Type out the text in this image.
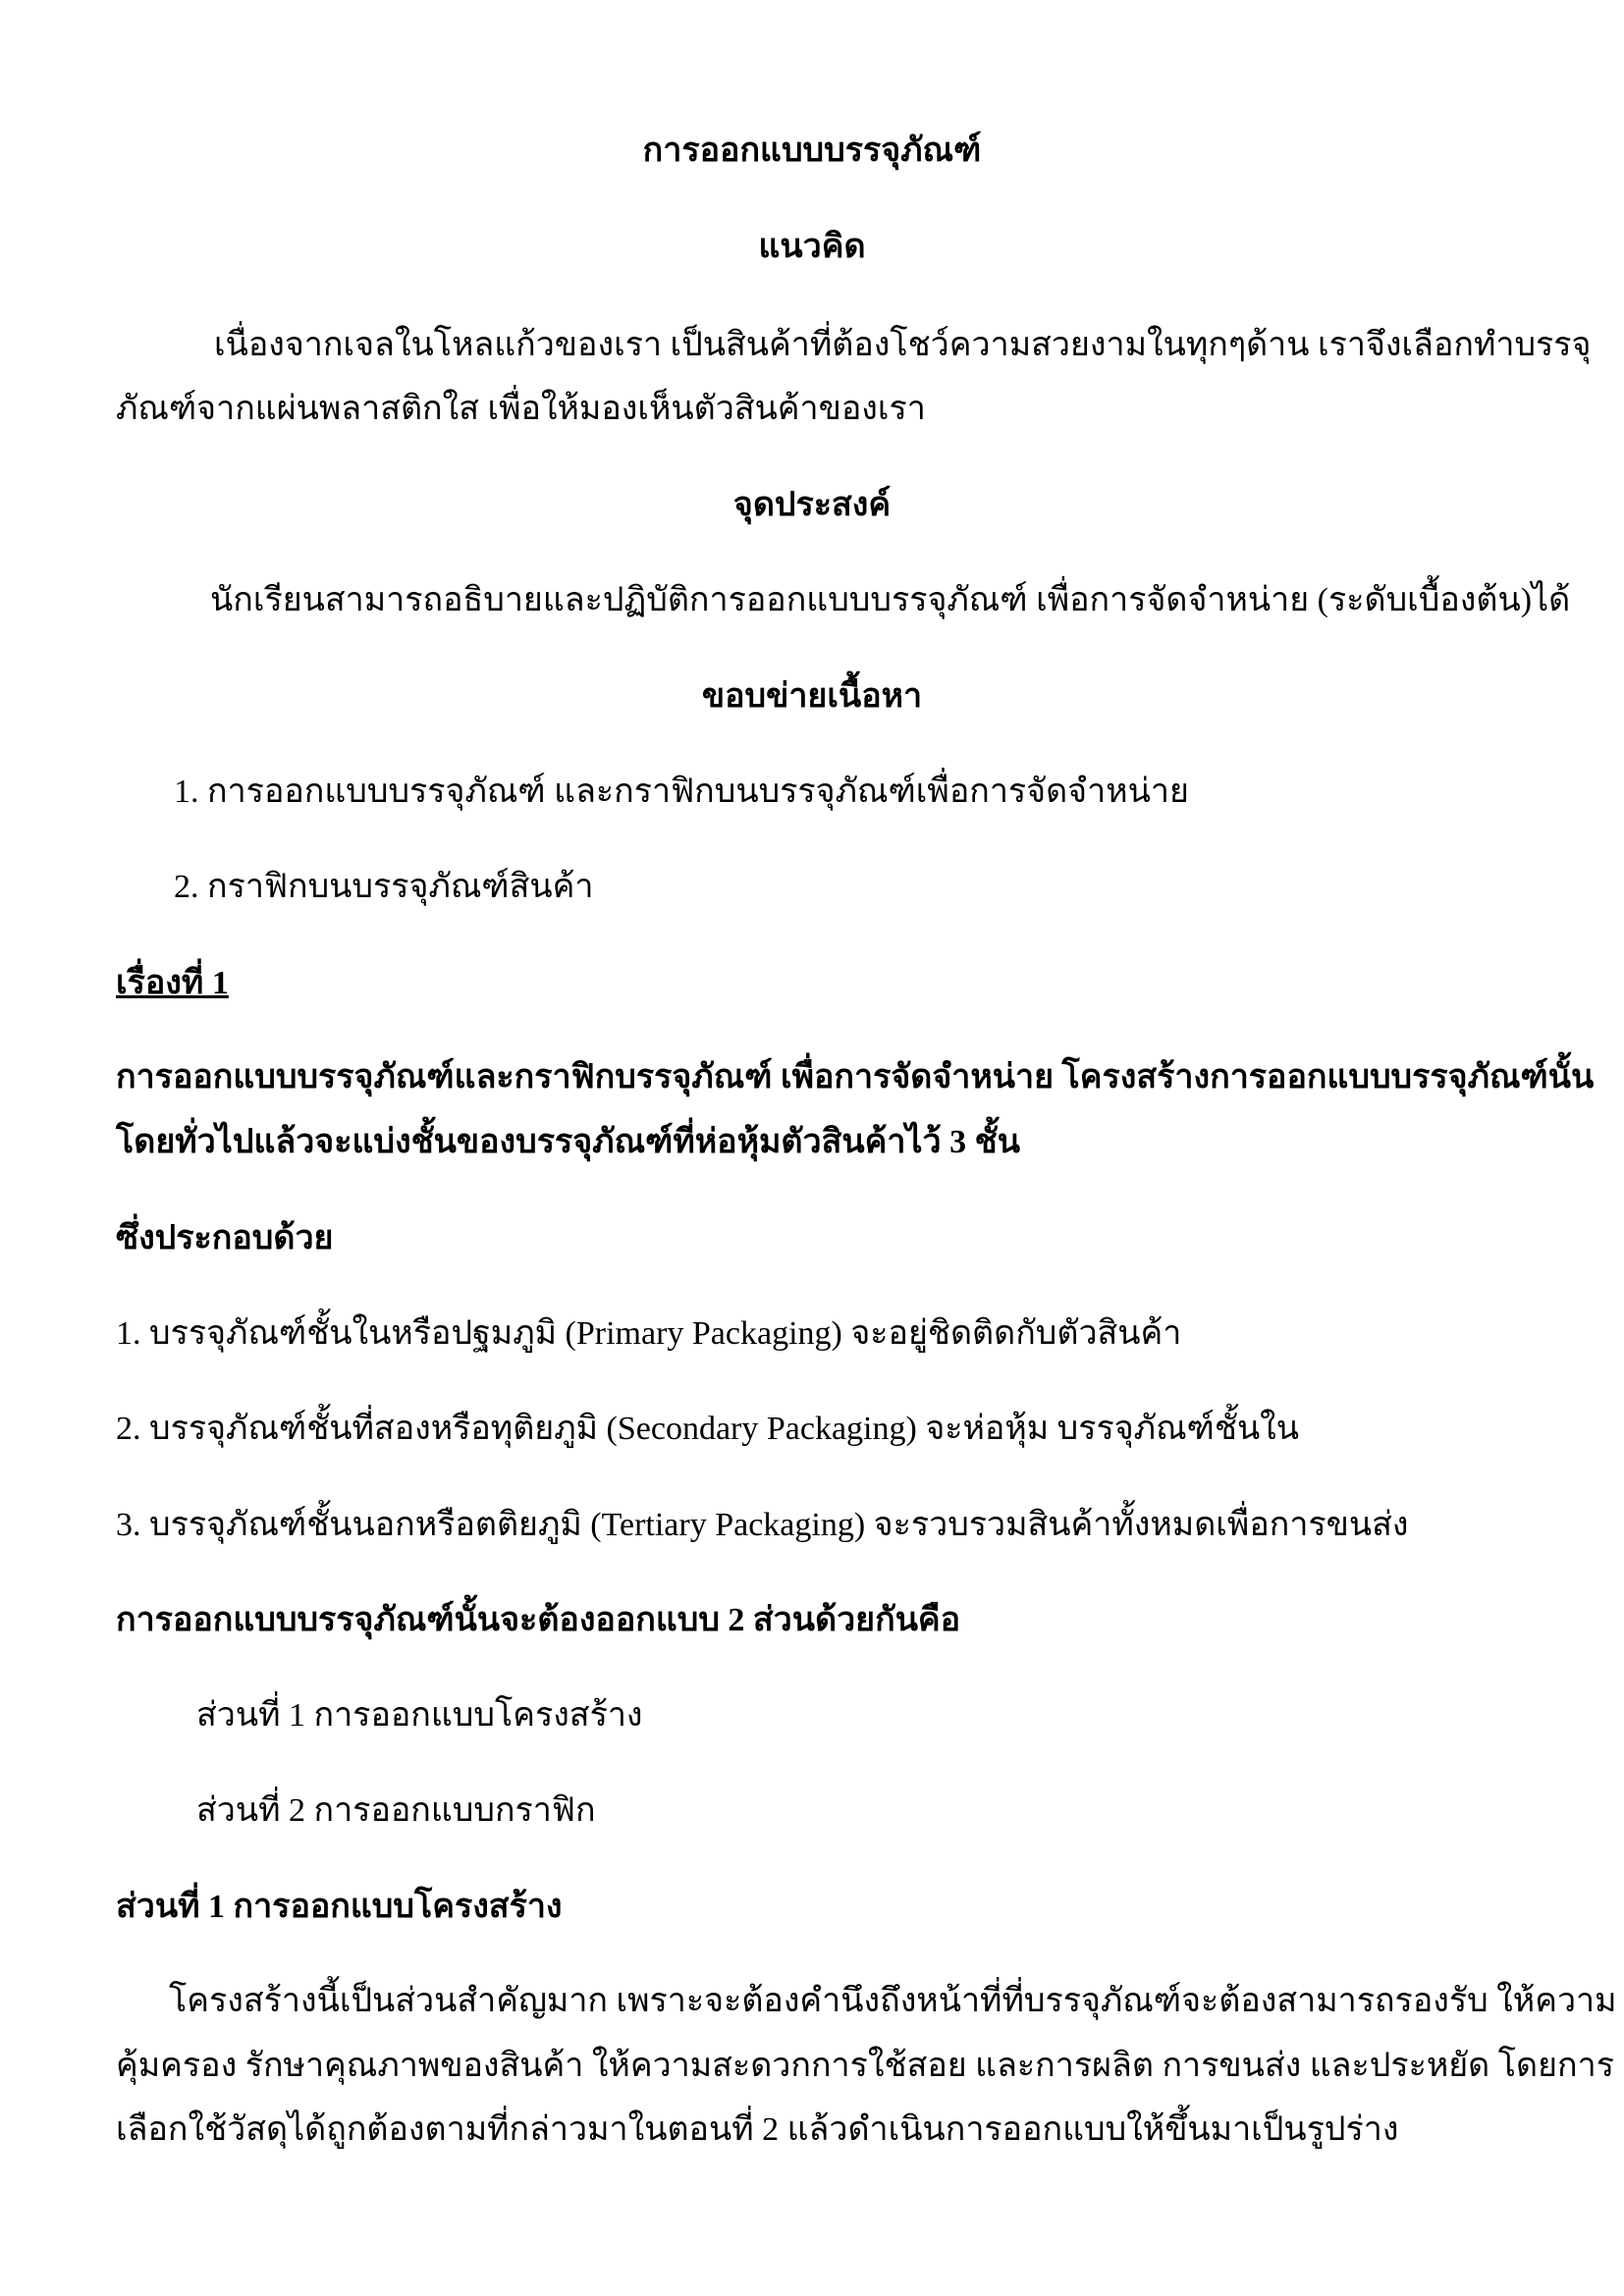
การออกแบบบรรจุภัณฑ์

แนวคิด

เนื่องจากเจลในโหลแก้วของเรา เป็นสินค้าที่ต้องโชว์ความสวยงามในทุกๆด้าน เราจึงเลือกทำบรรจุ

ภัณฑ์จากแผ่นพลาสติกใส เพื่อให้มองเห็นตัวสินค้าของเรา

จุดประสงค์

นักเรียนสามารถอธิบายและปฏิบัติการออกแบบบรรจุภัณฑ์ เพื่อการจัดจำหน่าย (ระดับเบื้องต้น)ได้

ขอบข่ายเนื้อหา

1. การออกแบบบรรจุภัณฑ์ และกราฟิกบนบรรจุภัณฑ์เพื่อการจัดจำหน่าย

2. กราฟิกบนบรรจุภัณฑ์สินค้า

เรื่องที่ 1

การออกแบบบรรจุภัณฑ์และกราฟิกบรรจุภัณฑ์ เพื่อการจัดจำหน่าย โครงสร้างการออกแบบบรรจุภัณฑ์นั้น

โดยทั่วไปแล้วจะแบ่งชั้นของบรรจุภัณฑ์ที่ห่อหุ้มตัวสินค้าไว้ 3 ชั้น

ซึ่งประกอบด้วย

1. บรรจุภัณฑ์ชั้นในหรือปฐมภูมิ (Primary Packaging) จะอยู่ชิดติดกับตัวสินค้า

2. บรรจุภัณฑ์ชั้นที่สองหรือทุติยภูมิ (Secondary Packaging) จะห่อหุ้ม บรรจุภัณฑ์ชั้นใน

3. บรรจุภัณฑ์ชั้นนอกหรือตติยภูมิ (Tertiary Packaging) จะรวบรวมสินค้าทั้งหมดเพื่อการขนส่ง

การออกแบบบรรจุภัณฑ์นั้นจะต้องออกแบบ 2 ส่วนด้วยกันคือ

ส่วนที่ 1 การออกแบบโครงสร้าง

ส่วนที่ 2 การออกแบบกราฟิก

ส่วนที่ 1 การออกแบบโครงสร้าง

โครงสร้างนี้เป็นส่วนสำคัญมาก เพราะจะต้องคำนึงถึงหน้าที่ที่บรรจุภัณฑ์จะต้องสามารถรองรับ ให้ความ

คุ้มครอง รักษาคุณภาพของสินค้า ให้ความสะดวกการใช้สอย และการผลิต การขนส่ง และประหยัด โดยการ

เลือกใช้วัสดุได้ถูกต้องตามที่กล่าวมาในตอนที่ 2 แล้วดำเนินการออกแบบให้ขึ้นมาเป็นรูปร่าง
